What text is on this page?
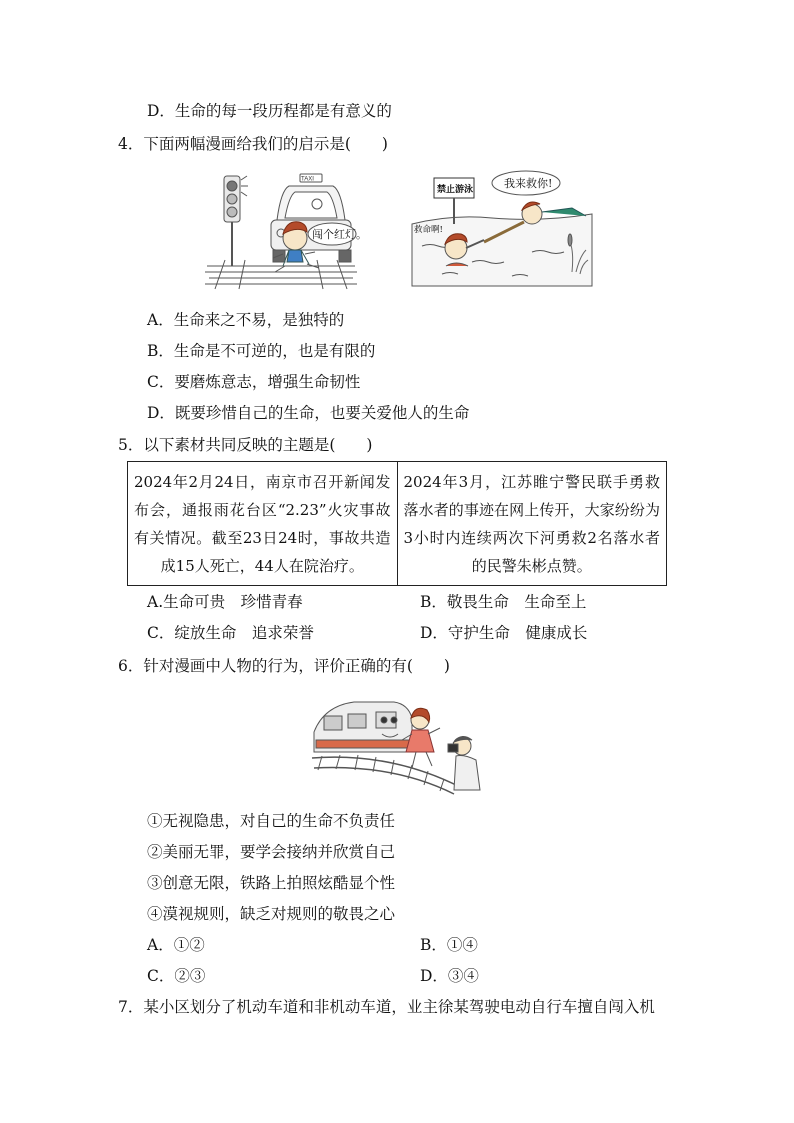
D．生命的每一段历程都是有意义的
4．下面两幅漫画给我们的启示是(　　)
TAXI
闯个红灯。
禁止游泳	我来救你!
救命啊!
A．生命来之不易，是独特的
B．生命是不可逆的，也是有限的
C．要磨炼意志，增强生命韧性
D．既要珍惜自己的生命，也要关爱他人的生命
5．以下素材共同反映的主题是(　　)
2024年2月24日，南京市召开新闻发布会，通报雨花台区“2.23”火灾事故有关情况。截至23日24时，事故共造成15人死亡，44人在院治疗。	2024年3月，江苏睢宁警民联手勇救落水者的事迹在网上传开，大家纷纷为3小时内连续两次下河勇救2名落水者的民警朱彬点赞。
A.生命可贵　珍惜青春	B．敬畏生命　生命至上
C．绽放生命　追求荣誉	D．守护生命　健康成长
6．针对漫画中人物的行为，评价正确的有(　　)
①无视隐患，对自己的生命不负责任
②美丽无罪，要学会接纳并欣赏自己
③创意无限，铁路上拍照炫酷显个性
④漠视规则，缺乏对规则的敬畏之心
A．①②	B．①④
C．②③	D．③④
7．某小区划分了机动车道和非机动车道，业主徐某驾驶电动自行车擅自闯入机
